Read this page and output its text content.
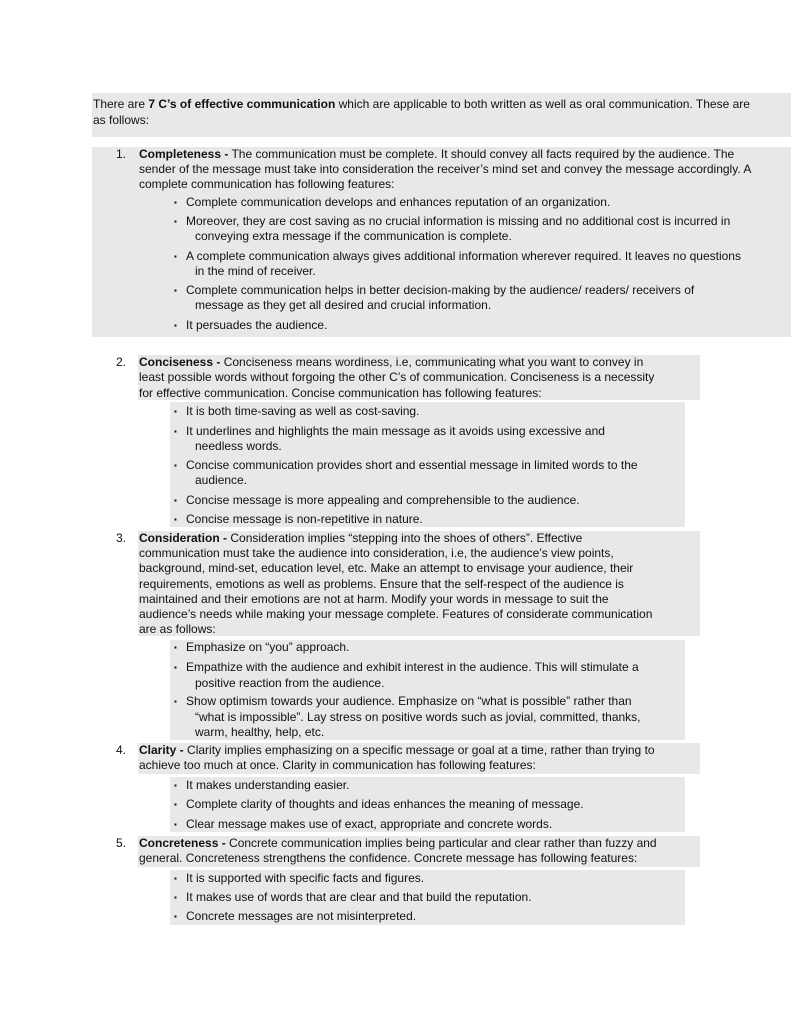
There are 7 C’s of effective communication which are applicable to both written as well as oral communication. These are
as follows:
1. Completeness - The communication must be complete. It should convey all facts required by the audience. The
sender of the message must take into consideration the receiver’s mind set and convey the message accordingly. A
complete communication has following features:
▪ Complete communication develops and enhances reputation of an organization.
▪ Moreover, they are cost saving as no crucial information is missing and no additional cost is incurred in
conveying extra message if the communication is complete.
▪ A complete communication always gives additional information wherever required. It leaves no questions
in the mind of receiver.
▪ Complete communication helps in better decision-making by the audience/ readers/ receivers of
message as they get all desired and crucial information.
▪ It persuades the audience.
2. Conciseness - Conciseness means wordiness, i.e, communicating what you want to convey in
least possible words without forgoing the other C’s of communication. Conciseness is a necessity
for effective communication. Concise communication has following features:
▪ It is both time-saving as well as cost-saving.
▪ It underlines and highlights the main message as it avoids using excessive and
needless words.
▪ Concise communication provides short and essential message in limited words to the
audience.
▪ Concise message is more appealing and comprehensible to the audience.
▪ Concise message is non-repetitive in nature.
3. Consideration - Consideration implies “stepping into the shoes of others”. Effective
communication must take the audience into consideration, i.e, the audience’s view points,
background, mind-set, education level, etc. Make an attempt to envisage your audience, their
requirements, emotions as well as problems. Ensure that the self-respect of the audience is
maintained and their emotions are not at harm. Modify your words in message to suit the
audience’s needs while making your message complete. Features of considerate communication
are as follows:
▪ Emphasize on “you” approach.
▪ Empathize with the audience and exhibit interest in the audience. This will stimulate a
positive reaction from the audience.
▪ Show optimism towards your audience. Emphasize on “what is possible” rather than
“what is impossible”. Lay stress on positive words such as jovial, committed, thanks,
warm, healthy, help, etc.
4. Clarity - Clarity implies emphasizing on a specific message or goal at a time, rather than trying to
achieve too much at once. Clarity in communication has following features:
▪ It makes understanding easier.
▪ Complete clarity of thoughts and ideas enhances the meaning of message.
▪ Clear message makes use of exact, appropriate and concrete words.
5. Concreteness - Concrete communication implies being particular and clear rather than fuzzy and
general. Concreteness strengthens the confidence. Concrete message has following features:
▪ It is supported with specific facts and figures.
▪ It makes use of words that are clear and that build the reputation.
▪ Concrete messages are not misinterpreted.
